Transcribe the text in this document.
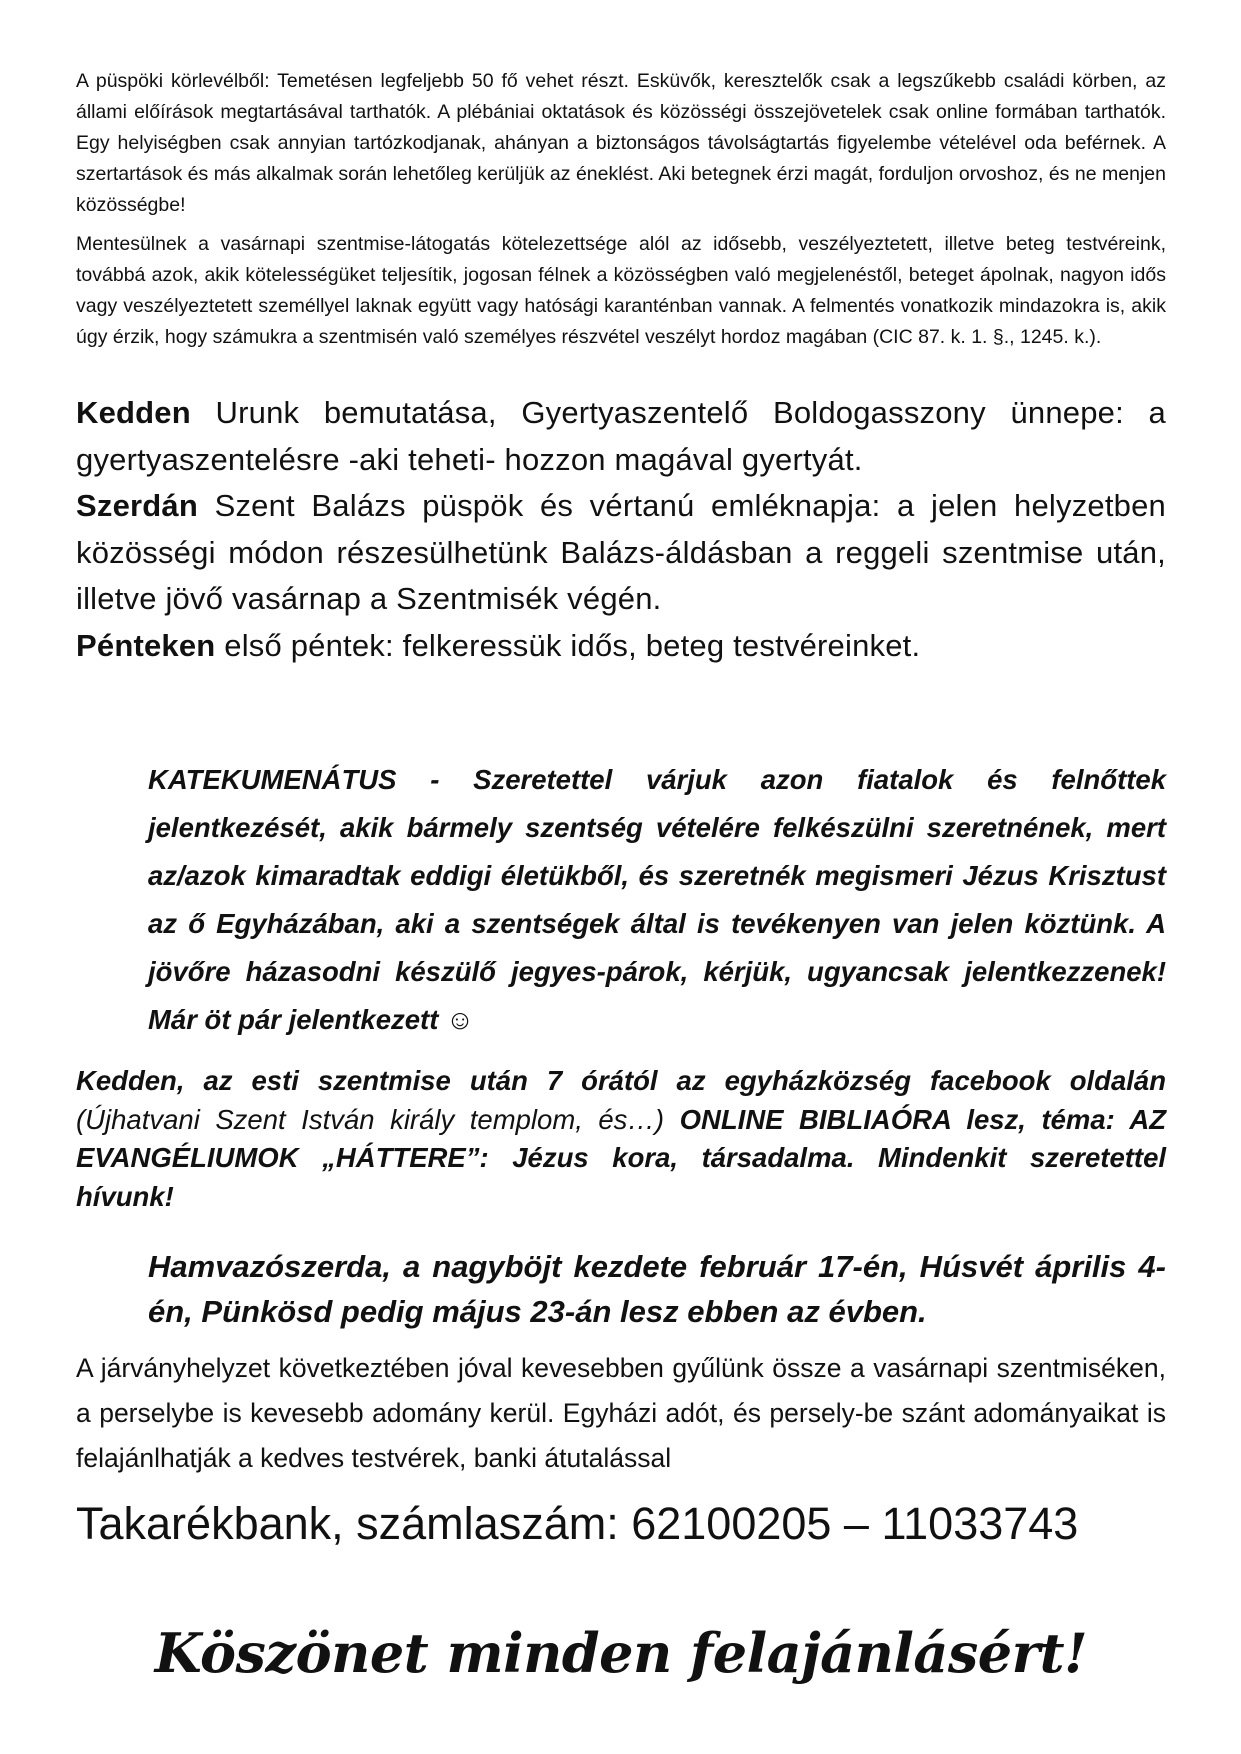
A püspöki körlevélből: Temetésen legfeljebb 50 fő vehet részt. Esküvők, keresztelők csak a legszűkebb családi körben, az állami előírások megtartásával tarthatók. A plébániai oktatások és közösségi összejövetelek csak online formában tarthatók. Egy helyiségben csak annyian tartózkodjanak, ahányan a biztonságos távolságtartás figyelembe vételével oda beférnek. A szertartások és más alkalmak során lehetőleg kerüljük az éneklést. Aki betegnek érzi magát, forduljon orvoshoz, és ne menjen közösségbe!

Mentesülnek a vasárnapi szentmise-látogatás kötelezettsége alól az idősebb, veszélyeztetett, illetve beteg testvéreink, továbbá azok, akik kötelességüket teljesítik, jogosan félnek a közösségben való megjelenéstől, beteget ápolnak, nagyon idős vagy veszélyeztetett személlyel laknak együtt vagy hatósági karanténban vannak. A felmentés vonatkozik mindazokra is, akik úgy érzik, hogy számukra a szentmisén való személyes részvétel veszélyt hordoz magában (CIC 87. k. 1. §., 1245. k.).

Kedden Urunk bemutatása, Gyertyaszentelő Boldogasszony ünnepe: a gyertyaszentelésre -aki teheti- hozzon magával gyertyát.
Szerdán Szent Balázs püspök és vértanú emléknapja: a jelen helyzetben közösségi módon részesülhetünk Balázs-áldásban a reggeli szentmise után, illetve jövő vasárnap a Szentmisék végén.
Pénteken első péntek: felkeressük idős, beteg testvéreinket.

KATEKUMENÁTUS - Szeretettel várjuk azon fiatalok és felnőttek jelentkezését, akik bármely szentség vételére felkészülni szeretnének, mert az/azok kimaradtak eddigi életükből, és szeretnék megismeri Jézus Krisztust az ő Egyházában, aki a szentségek által is tevékenyen van jelen köztünk. A jövőre házasodni készülő jegyes-párok, kérjük, ugyancsak jelentkezzenek! Már öt pár jelentkezett ☺

Kedden, az esti szentmise után 7 órától az egyházközség facebook oldalán (Újhatvani Szent István király templom, és…) ONLINE BIBLIAÓRA lesz, téma: AZ EVANGÉLIUMOK „HÁTTERE”: Jézus kora, társadalma. Mindenkit szeretettel hívunk!

Hamvazószerda, a nagyböjt kezdete február 17-én, Húsvét április 4-én, Pünkösd pedig május 23-án lesz ebben az évben.

A járványhelyzet következtében jóval kevesebben gyűlünk össze a vasárnapi szentmiséken, a perselybe is kevesebb adomány kerül. Egyházi adót, és persely-be szánt adományaikat is felajánlhatják a kedves testvérek, banki átutalással

Takarékbank, számlaszám: 62100205 – 11033743

Köszönet minden felajánlásért!
